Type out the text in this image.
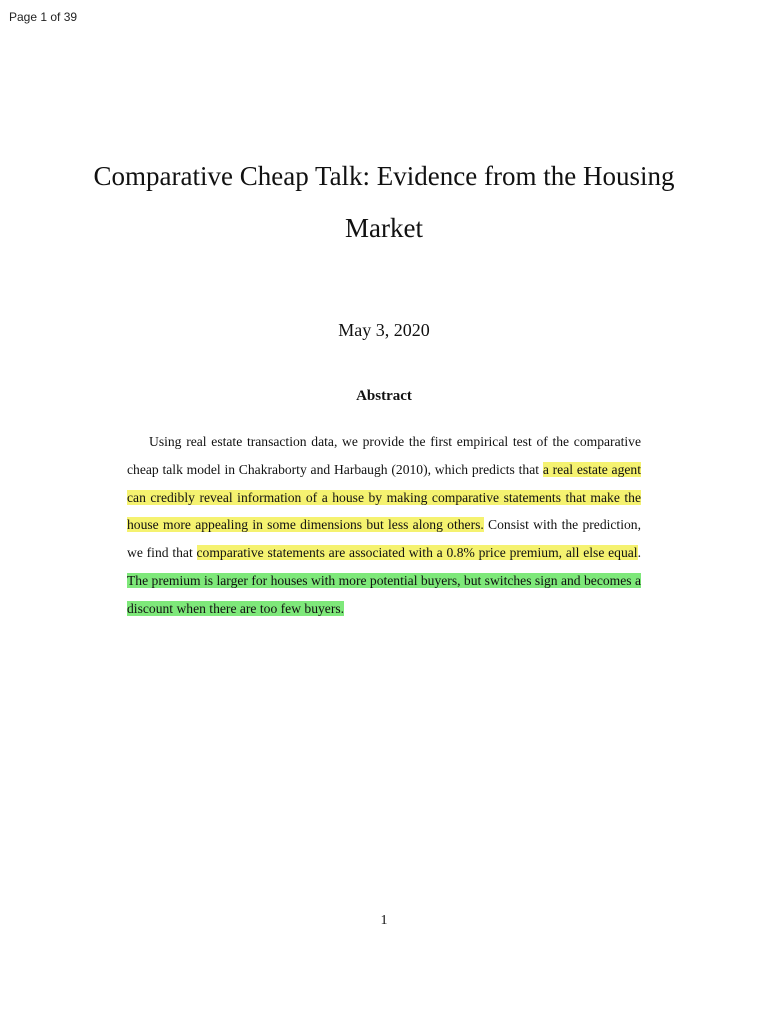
Page 1 of 39
Comparative Cheap Talk: Evidence from the Housing Market
May 3, 2020
Abstract

Using real estate transaction data, we provide the first empirical test of the comparative cheap talk model in Chakraborty and Harbaugh (2010), which predicts that a real estate agent can credibly reveal information of a house by making comparative statements that make the house more appealing in some dimensions but less along others. Consist with the prediction, we find that comparative statements are associated with a 0.8% price premium, all else equal. The premium is larger for houses with more potential buyers, but switches sign and becomes a discount when there are too few buyers.

1
